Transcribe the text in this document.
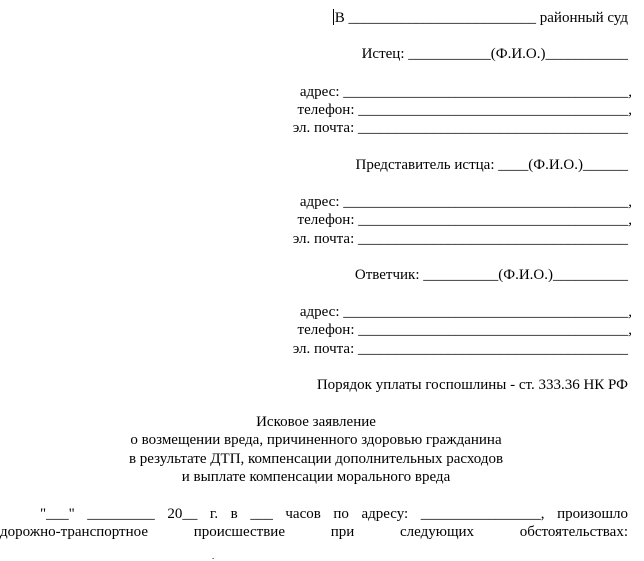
В _________________________ районный суд
Истец: ___________(Ф.И.О.)___________
адрес: ______________________________________,
телефон: ____________________________________,
эл. почта: ____________________________________
Представитель истца: ____(Ф.И.О.)______
адрес: ______________________________________,
телефон: ____________________________________,
эл. почта: ____________________________________
Ответчик: __________(Ф.И.О.)__________
адрес: ______________________________________,
телефон: ____________________________________,
эл. почта: ____________________________________
Порядок уплаты госпошлины - ст. 333.36 НК РФ
Исковое заявление
о возмещении вреда, причиненного здоровью гражданина
в результате ДТП, компенсации дополнительных расходов
и выплате компенсации морального вреда
"___" _________ 20__ г. в ___ часов по адресу: ________________, произошло
дорожно-транспортное происшествие при следующих обстоятельствах:
.
